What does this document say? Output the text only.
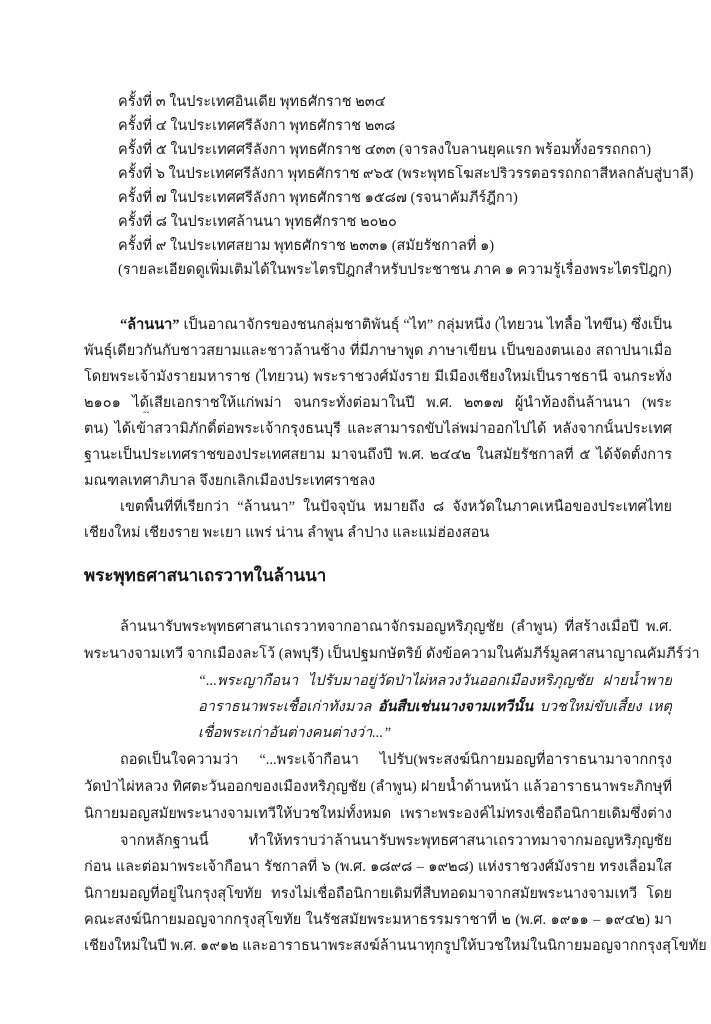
ครั้งที่ ๓ ในประเทศอินเดีย พุทธศักราช ๒๓๔
ครั้งที่ ๔ ในประเทศศรีลังกา พุทธศักราช ๒๓๘
ครั้งที่ ๕ ในประเทศศรีลังกา พุทธศักราช ๔๓๓ (จารลงใบลานยุคแรก พร้อมทั้งอรรถกถา)
ครั้งที่ ๖ ในประเทศศรีลังกา พุทธศักราช ๙๖๕ (พระพุทธโฆสะปริวรรตอรรถกถาสีหลกลับสู่บาลี)
ครั้งที่ ๗ ในประเทศศรีลังกา พุทธศักราช ๑๕๘๗ (รจนาคัมภีร์ฎีกา)
ครั้งที่ ๘ ในประเทศล้านนา พุทธศักราช ๒๐๒๐
ครั้งที่ ๙ ในประเทศสยาม พุทธศักราช ๒๓๓๑ (สมัยรัชกาลที่ ๑)
(รายละเอียดดูเพิ่มเติมได้ในพระไตรปิฎกสำหรับประชาชน ภาค ๑ ความรู้เรื่องพระไตรปิฎก)
“ล้านนา” เป็นอาณาจักรของชนกลุ่มชาติพันธุ์ “ไท” กลุ่มหนึ่ง (ไทยวน ไทลื้อ ไทขึน) ซึ่งเป็น
พันธุ์เดียวกันกับชาวสยามและชาวล้านช้าง ที่มีภาษาพูด ภาษาเขียน เป็นของตนเอง สถาปนาเมื่อ
โดยพระเจ้ามังรายมหาราช (ไทยวน) พระราชวงศ์มังราย มีเมืองเชียงใหม่เป็นราชธานี จนกระทั่ง
๒๑๐๑ ได้เสียเอกราชให้แก่พม่า จนกระทั่งต่อมาในปี พ.ศ. ๒๓๑๗ ผู้นำท้องถิ่นล้านนา (พระ
ตน) ได้เข้าสวามิภักดิ์ต่อพระเจ้ากรุงธนบุรี และสามารถขับไล่พม่าออกไปได้ หลังจากนั้นประเทศ
ฐานะเป็นประเทศราชของประเทศสยาม มาจนถึงปี พ.ศ. ๒๔๔๒ ในสมัยรัชกาลที่ ๕ ได้จัดตั้งการ
มณฑลเทศาภิบาล จึงยกเลิกเมืองประเทศราชลง
เขตพื้นที่ที่เรียกว่า “ล้านนา” ในปัจจุบัน หมายถึง ๘ จังหวัดในภาคเหนือของประเทศไทย
เชียงใหม่ เชียงราย พะเยา แพร่ น่าน ลำพูน ลำปาง และแม่ฮ่องสอน
พระพุทธศาสนาเถรวาทในล้านนา
ล้านนารับพระพุทธศาสนาเถรวาทจากอาณาจักรมอญหริภุญชัย (ลำพูน) ที่สร้างเมื่อปี พ.ศ.
พระนางจามเทวี จากเมืองละโว้ (ลพบุรี) เป็นปฐมกษัตริย์ ดังข้อความในคัมภีร์มูลศาสนาญาณคัมภีร์ว่า
“...พระญากือนา ไปรับมาอยู่วัดป่าไผ่หลวงวันออกเมืองหริภุญชัย ฝายน้ำพาย
อาราธนาพระเชื้อเก่าทังมวล อันสืบเช่นนางจามเทวีนั้น บวชใหม่ขับเสี้ยง เหตุ
เชื่อพระเก่าอันต่างคนต่างว่า...”
ถอดเป็นใจความว่า “...พระเจ้ากือนา ไปรับ(พระสงฆ์นิกายมอญที่อาราธนามาจากกรุง
วัดป่าไผ่หลวง ทิศตะวันออกของเมืองหริภุญชัย (ลำพูน) ฝายน้ำด้านหน้า แล้วอาราธนาพระภิกษุที่
นิกายมอญสมัยพระนางจามเทวีให้บวชใหม่ทั้งหมด เพราะพระองค์ไม่ทรงเชื่อถือนิกายเดิมซึ่งต่าง
จากหลักฐานนี้ ทำให้ทราบว่าล้านนารับพระพุทธศาสนาเถรวาทมาจากมอญหริภุญชัย
ก่อน และต่อมาพระเจ้ากือนา รัชกาลที่ ๖ (พ.ศ. ๑๘๙๘ – ๑๙๒๘) แห่งราชวงศ์มังราย ทรงเลื่อมใส
นิกายมอญที่อยู่ในกรุงสุโขทัย ทรงไม่เชื่อถือนิกายเดิมที่สืบทอดมาจากสมัยพระนางจามเทวี โดย
คณะสงฆ์นิกายมอญจากกรุงสุโขทัย ในรัชสมัยพระมหาธรรมราชาที่ ๒ (พ.ศ. ๑๙๑๑ – ๑๙๔๒) มา
เชียงใหม่ในปี พ.ศ. ๑๙๑๒ และอาราธนาพระสงฆ์ล้านนาทุกรูปให้บวชใหม่ในนิกายมอญจากกรุงสุโขทัย
